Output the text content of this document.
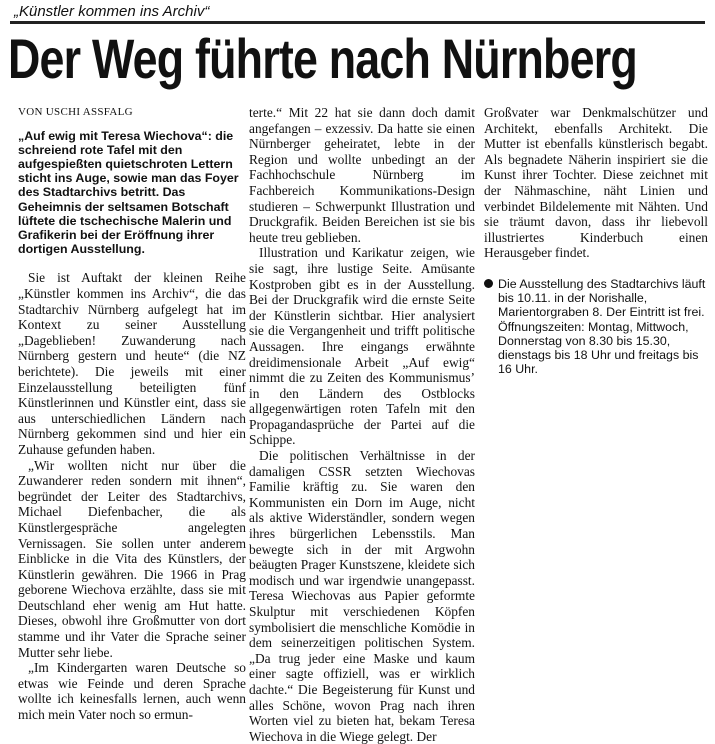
„Künstler kommen ins Archiv“
Der Weg führte nach Nürnberg
VON USCHI ASSFALG
„Auf ewig mit Teresa Wiechova“: die schreiend rote Tafel mit den aufgespießten quietschroten Lettern sticht ins Auge, sowie man das Foyer des Stadtarchivs betritt. Das Geheimnis der seltsamen Botschaft lüftete die tschechische Malerin und Grafikerin bei der Eröffnung ihrer dortigen Ausstellung.

Sie ist Auftakt der kleinen Reihe „Künstler kommen ins Archiv“, die das Stadtarchiv Nürnberg aufgelegt hat im Kontext zu seiner Ausstellung „Dageblieben! Zuwanderung nach Nürnberg gestern und heute“ (die NZ berichtete). Die jeweils mit einer Einzelausstellung beteiligten fünf Künstlerinnen und Künstler eint, dass sie aus unterschiedlichen Ländern nach Nürnberg gekommen sind und hier ein Zuhause gefunden haben.

„Wir wollten nicht nur über die Zuwanderer reden sondern mit ihnen“, begründet der Leiter des Stadtarchivs, Michael Diefenbacher, die als Künstlergespräche angelegten Vernissagen. Sie sollen unter anderem Einblicke in die Vita des Künstlers, der Künstlerin gewähren. Die 1966 in Prag geborene Wiechova erzählte, dass sie mit Deutschland eher wenig am Hut hatte. Dieses, obwohl ihre Großmutter von dort stamme und ihr Vater die Sprache seiner Mutter sehr liebe.

„Im Kindergarten waren Deutsche so etwas wie Feinde und deren Sprache wollte ich keinesfalls lernen, auch wenn mich mein Vater noch so ermun-

terte.“ Mit 22 hat sie dann doch damit angefangen – exzessiv. Da hatte sie einen Nürnberger geheiratet, lebte in der Region und wollte unbedingt an der Fachhochschule Nürnberg im Fachbereich Kommunikations-Design studieren – Schwerpunkt Illustration und Druckgrafik. Beiden Bereichen ist sie bis heute treu geblieben.

Illustration und Karikatur zeigen, wie sie sagt, ihre lustige Seite. Amüsante Kostproben gibt es in der Ausstellung. Bei der Druckgrafik wird die ernste Seite der Künstlerin sichtbar. Hier analysiert sie die Vergangenheit und trifft politische Aussagen. Ihre eingangs erwähnte dreidimensionale Arbeit „Auf ewig“ nimmt die zu Zeiten des Kommunismus’ in den Ländern des Ostblocks allgegenwärtigen roten Tafeln mit den Propagandasprüche der Partei auf die Schippe.

Die politischen Verhältnisse in der damaligen CSSR setzten Wiechovas Familie kräftig zu. Sie waren den Kommunisten ein Dorn im Auge, nicht als aktive Widerständler, sondern wegen ihres bürgerlichen Lebensstils. Man bewegte sich in der mit Argwohn beäugten Prager Kunstszene, kleidete sich modisch und war irgendwie unangepasst. Teresa Wiechovas aus Papier geformte Skulptur mit verschiedenen Köpfen symbolisiert die menschliche Komödie in dem seinerzeitigen politischen System. „Da trug jeder eine Maske und kaum einer sagte offiziell, was er wirklich dachte.“ Die Begeisterung für Kunst und alles Schöne, wovon Prag nach ihren Worten viel zu bieten hat, bekam Teresa Wiechova in die Wiege gelegt. Der

Großvater war Denkmalschützer und Architekt, ebenfalls Architekt. Die Mutter ist ebenfalls künstlerisch begabt. Als begnadete Näherin inspiriert sie die Kunst ihrer Tochter. Diese zeichnet mit der Nähmaschine, näht Linien und verbindet Bildelemente mit Nähten. Und sie träumt davon, dass ihr liebevoll illustriertes Kinderbuch einen Herausgeber findet.

Die Ausstellung des Stadtarchivs läuft bis 10.11. in der Norishalle, Marientorgraben 8. Der Eintritt ist frei. Öffnungszeiten: Montag, Mittwoch, Donnerstag von 8.30 bis 15.30, dienstags bis 18 Uhr und freitags bis 16 Uhr.
